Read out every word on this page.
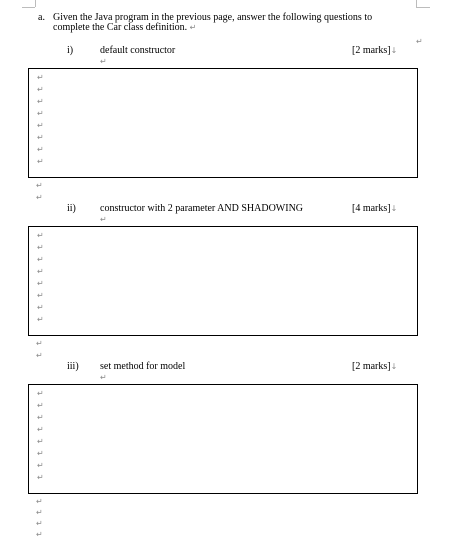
a. Given the Java program in the previous page, answer the following questions to
complete the Car class definition. ↵
↵
i)	default constructor	[2 marks]↓
↵
↵
↵
↵
↵
↵
↵
↵
↵
↵
↵
ii) constructor with 2 parameter AND SHADOWING	[4 marks]↓
↵
↵
↵
↵
↵
↵
↵
↵
↵
↵
↵
iii) set method for model	[2 marks]↓
↵
↵
↵
↵
↵
↵
↵
↵
↵
↵
↵
↵
↵
